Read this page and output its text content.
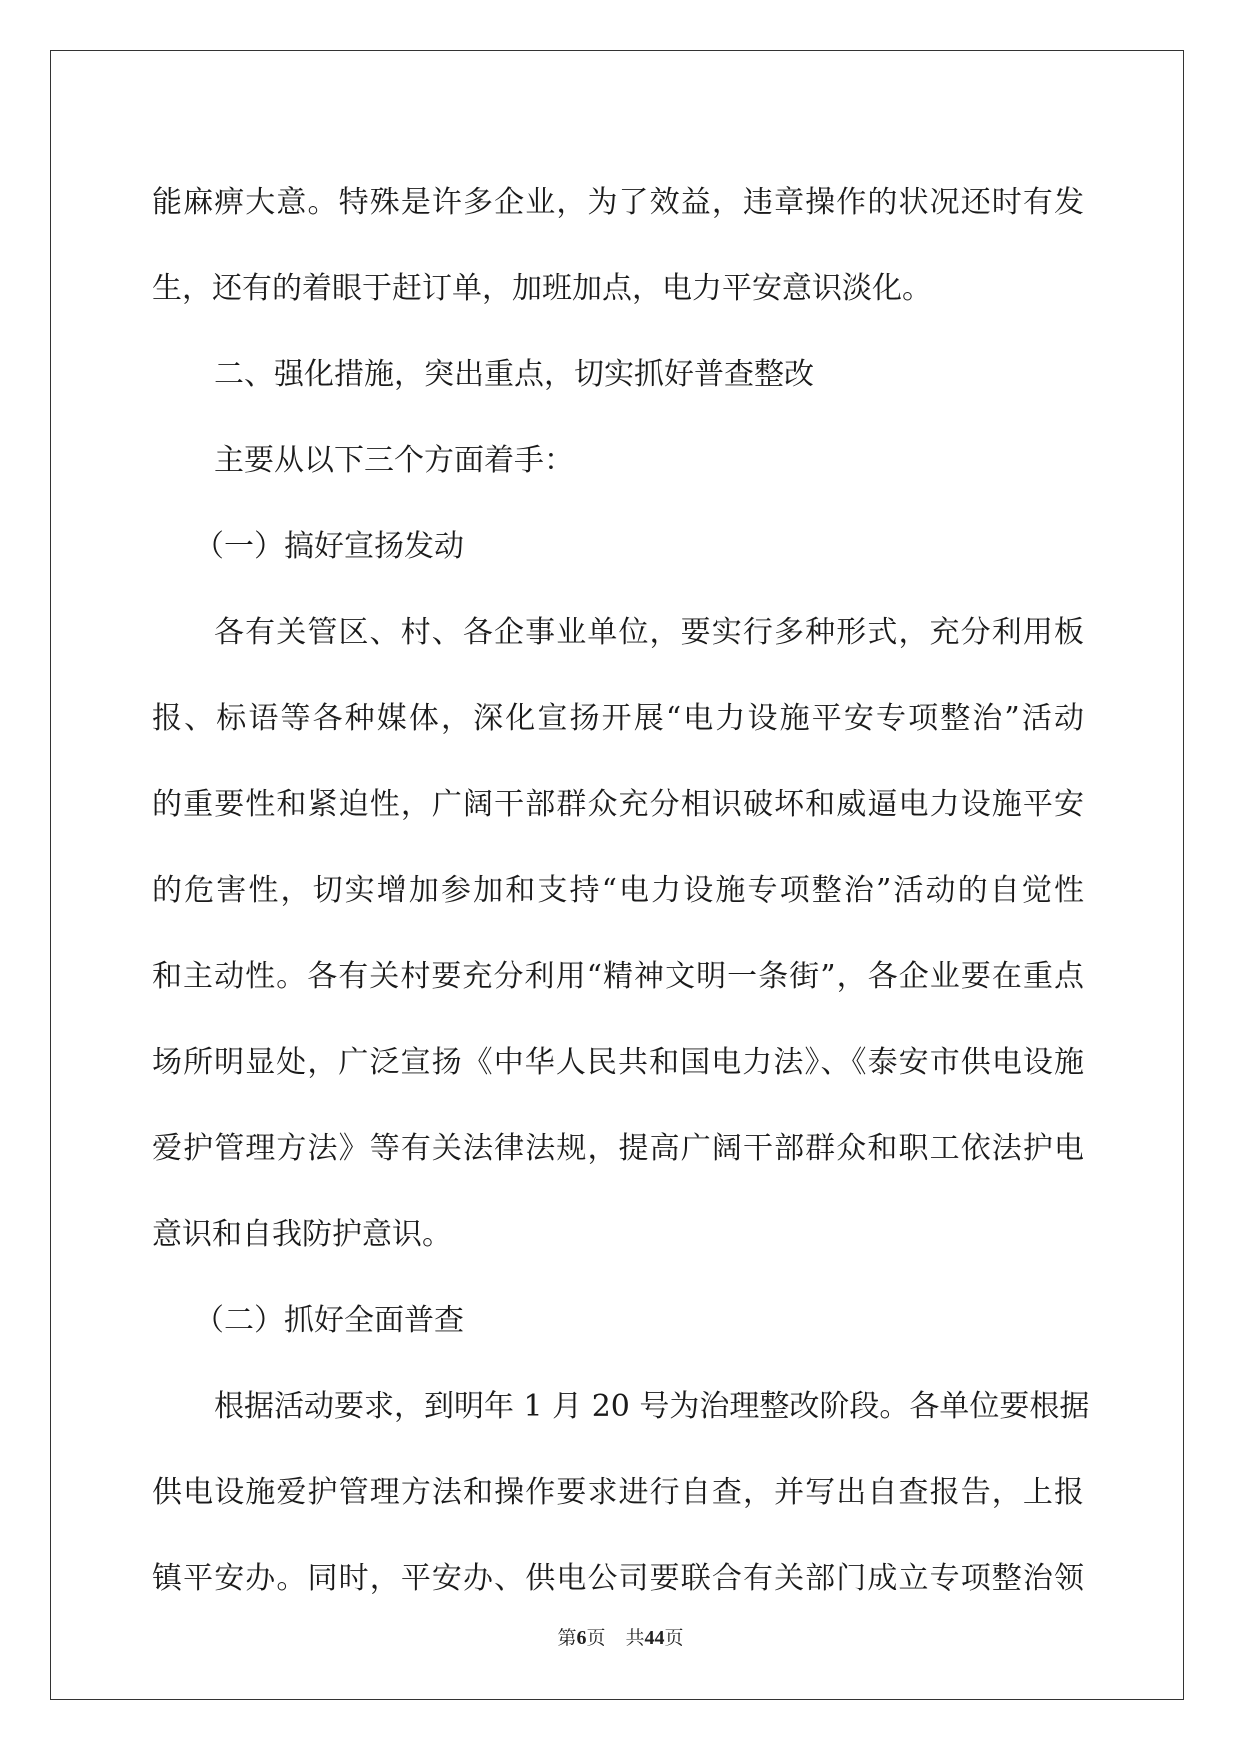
能麻痹大意。特殊是许多企业，为了效益，违章操作的状况还时有发
生，还有的着眼于赶订单，加班加点，电力平安意识淡化。
二、强化措施，突出重点，切实抓好普查整改
主要从以下三个方面着手：
（一）搞好宣扬发动
各有关管区、村、各企事业单位，要实行多种形式，充分利用板
报、标语等各种媒体，深化宣扬开展“电力设施平安专项整治”活动
的重要性和紧迫性，广阔干部群众充分相识破坏和威逼电力设施平安
的危害性，切实增加参加和支持“电力设施专项整治”活动的自觉性
和主动性。各有关村要充分利用“精神文明一条街”，各企业要在重点
场所明显处，广泛宣扬《中华人民共和国电力法》、《泰安市供电设施
爱护管理方法》等有关法律法规，提高广阔干部群众和职工依法护电
意识和自我防护意识。
（二）抓好全面普查
根据活动要求，到明年 1 月 20 号为治理整改阶段。各单位要根据
供电设施爱护管理方法和操作要求进行自查，并写出自查报告，上报
镇平安办。同时，平安办、供电公司要联合有关部门成立专项整治领
第6页 共44页
